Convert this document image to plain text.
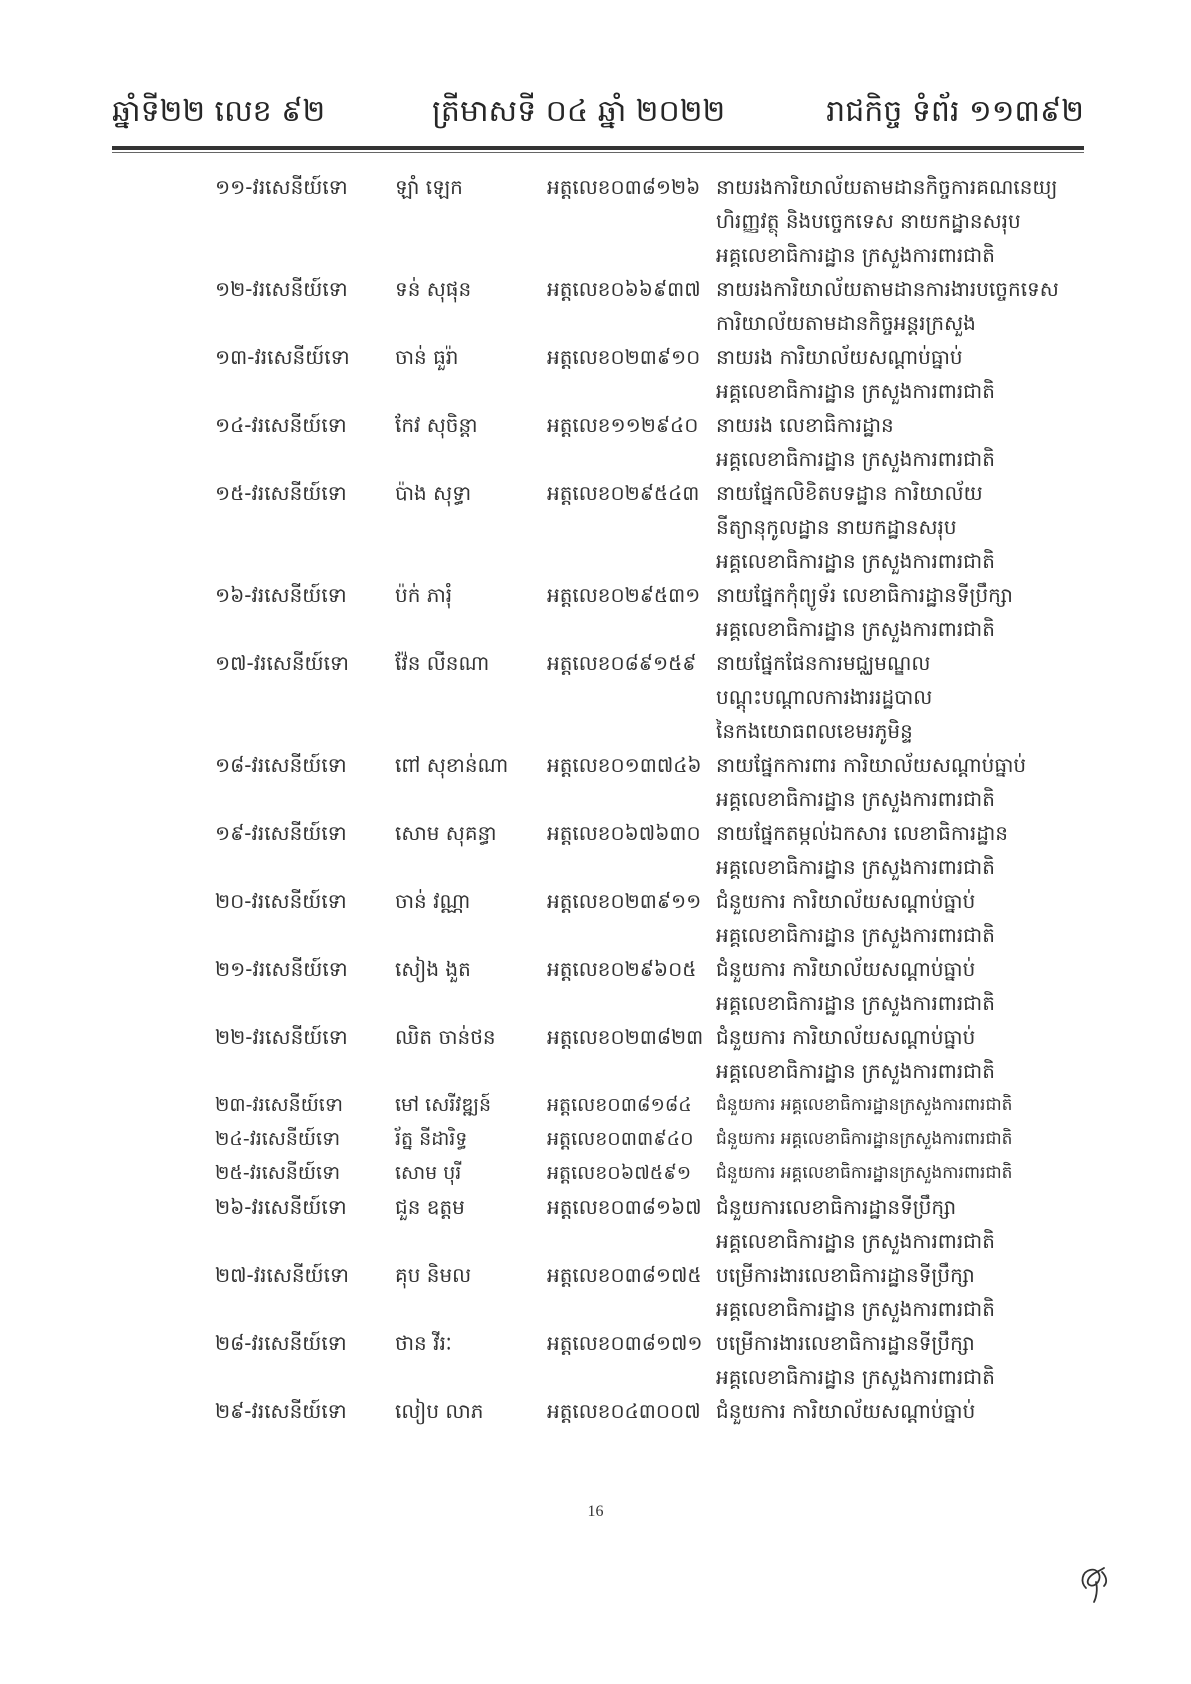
ឆ្នាំទី២២ លេខ ៩២	ត្រីមាសទី ០៤ ឆ្នាំ ២០២២	រាជកិច្ច ទំព័រ ១១៣៩២
១១-វរសេនីយ៍ទោ ឡាំ ឡេក	អត្តលេខ០៣៨១២៦ នាយរងការិយាល័យតាមដានកិច្ចការគណនេយ្យ
ហិរញ្ញវត្ថុ និងបច្ចេកទេស នាយកដ្ឋានសរុប
អគ្គលេខាធិការដ្ឋាន ក្រសួងការពារជាតិ
១២-វរសេនីយ៍ទោ ទន់ សុផុន	អត្តលេខ០៦៦៩៣៧ នាយរងការិយាល័យតាមដានការងារបច្ចេកទេស
ការិយាល័យតាមដានកិច្ចអន្តរក្រសួង
១៣-វរសេនីយ៍ទោ ចាន់ ធួរ៉ា	អត្តលេខ០២៣៩១០ នាយរង ការិយាល័យសណ្តាប់ធ្នាប់
អគ្គលេខាធិការដ្ឋាន ក្រសួងការពារជាតិ
១៤-វរសេនីយ៍ទោ កែវ សុចិន្តា	អត្តលេខ១១២៩៤០ នាយរង លេខាធិការដ្ឋាន
អគ្គលេខាធិការដ្ឋាន ក្រសួងការពារជាតិ
១៥-វរសេនីយ៍ទោ ប៉ាង សុទ្ធា	អត្តលេខ០២៩៥៤៣ នាយផ្នែកលិខិតបទដ្ឋាន ការិយាល័យ
នីត្យានុកូលដ្ឋាន នាយកដ្ឋានសរុប
អគ្គលេខាធិការដ្ឋាន ក្រសួងការពារជាតិ
១៦-វរសេនីយ៍ទោ ប៉ក់ ភារុំ	អត្តលេខ០២៩៥៣១ នាយផ្នែកកុំព្យូទ័រ លេខាធិការដ្ឋានទីប្រឹក្សា
អគ្គលេខាធិការដ្ឋាន ក្រសួងការពារជាតិ
១៧-វរសេនីយ៍ទោ វ៉ែន លីនណា	អត្តលេខ០៨៩១៥៩ នាយផ្នែកផែនការមជ្ឈមណ្ឌល
បណ្តុះបណ្តាលការងាររដ្ឋបាល
នៃកងយោធពលខេមរភូមិន្ទ
១៨-វរសេនីយ៍ទោ ពៅ សុខាន់ណា អត្តលេខ០១៣៧៤៦ នាយផ្នែកការពារ ការិយាល័យសណ្តាប់ធ្នាប់
អគ្គលេខាធិការដ្ឋាន ក្រសួងការពារជាតិ
១៩-វរសេនីយ៍ទោ សោម សុគន្ធា	អត្តលេខ០៦៧៦៣០ នាយផ្នែកតម្កល់ឯកសារ លេខាធិការដ្ឋាន
អគ្គលេខាធិការដ្ឋាន ក្រសួងការពារជាតិ
២០-វរសេនីយ៍ទោ ចាន់ វណ្ណា	អត្តលេខ០២៣៩១១ ជំនួយការ ការិយាល័យសណ្តាប់ធ្នាប់
អគ្គលេខាធិការដ្ឋាន ក្រសួងការពារជាតិ
២១-វរសេនីយ៍ទោ សៀង ងួត	អត្តលេខ០២៩៦០៥ ជំនួយការ ការិយាល័យសណ្តាប់ធ្នាប់
អគ្គលេខាធិការដ្ឋាន ក្រសួងការពារជាតិ
២២-វរសេនីយ៍ទោ ឈិត ចាន់ថន	អត្តលេខ០២៣៨២៣ ជំនួយការ ការិយាល័យសណ្តាប់ធ្នាប់
អគ្គលេខាធិការដ្ឋាន ក្រសួងការពារជាតិ
២៣-វរសេនីយ៍ទោ	មៅ សេរីវឌ្ឍន៍	អត្តលេខ០៣៨១៨៤ ជំនួយការ អគ្គលេខាធិការដ្ឋានក្រសួងការពារជាតិ
២៤-វរសេនីយ៍ទោ	រ័ត្ន នីដារិទ្ធ	អត្តលេខ០៣៣៩៤០ ជំនួយការ អគ្គលេខាធិការដ្ឋានក្រសួងការពារជាតិ
២៥-វរសេនីយ៍ទោ	សោម បុរី	អត្តលេខ០៦៧៥៩១ ជំនួយការ អគ្គលេខាធិការដ្ឋានក្រសួងការពារជាតិ
២៦-វរសេនីយ៍ទោ ជួន ឧត្តម	អត្តលេខ០៣៨១៦៧ ជំនួយការលេខាធិការដ្ឋានទីប្រឹក្សា
អគ្គលេខាធិការដ្ឋាន ក្រសួងការពារជាតិ
២៧-វរសេនីយ៍ទោ គុប និមល	អត្តលេខ០៣៨១៧៥ បម្រើការងារលេខាធិការដ្ឋានទីប្រឹក្សា
អគ្គលេខាធិការដ្ឋាន ក្រសួងការពារជាតិ
២៨-វរសេនីយ៍ទោ ថាន វីរៈ	អត្តលេខ០៣៨១៧១ បម្រើការងារលេខាធិការដ្ឋានទីប្រឹក្សា
អគ្គលេខាធិការដ្ឋាន ក្រសួងការពារជាតិ
២៩-វរសេនីយ៍ទោ លៀប លាភ	អត្តលេខ០៤៣០០៧ ជំនួយការ ការិយាល័យសណ្តាប់ធ្នាប់
16
